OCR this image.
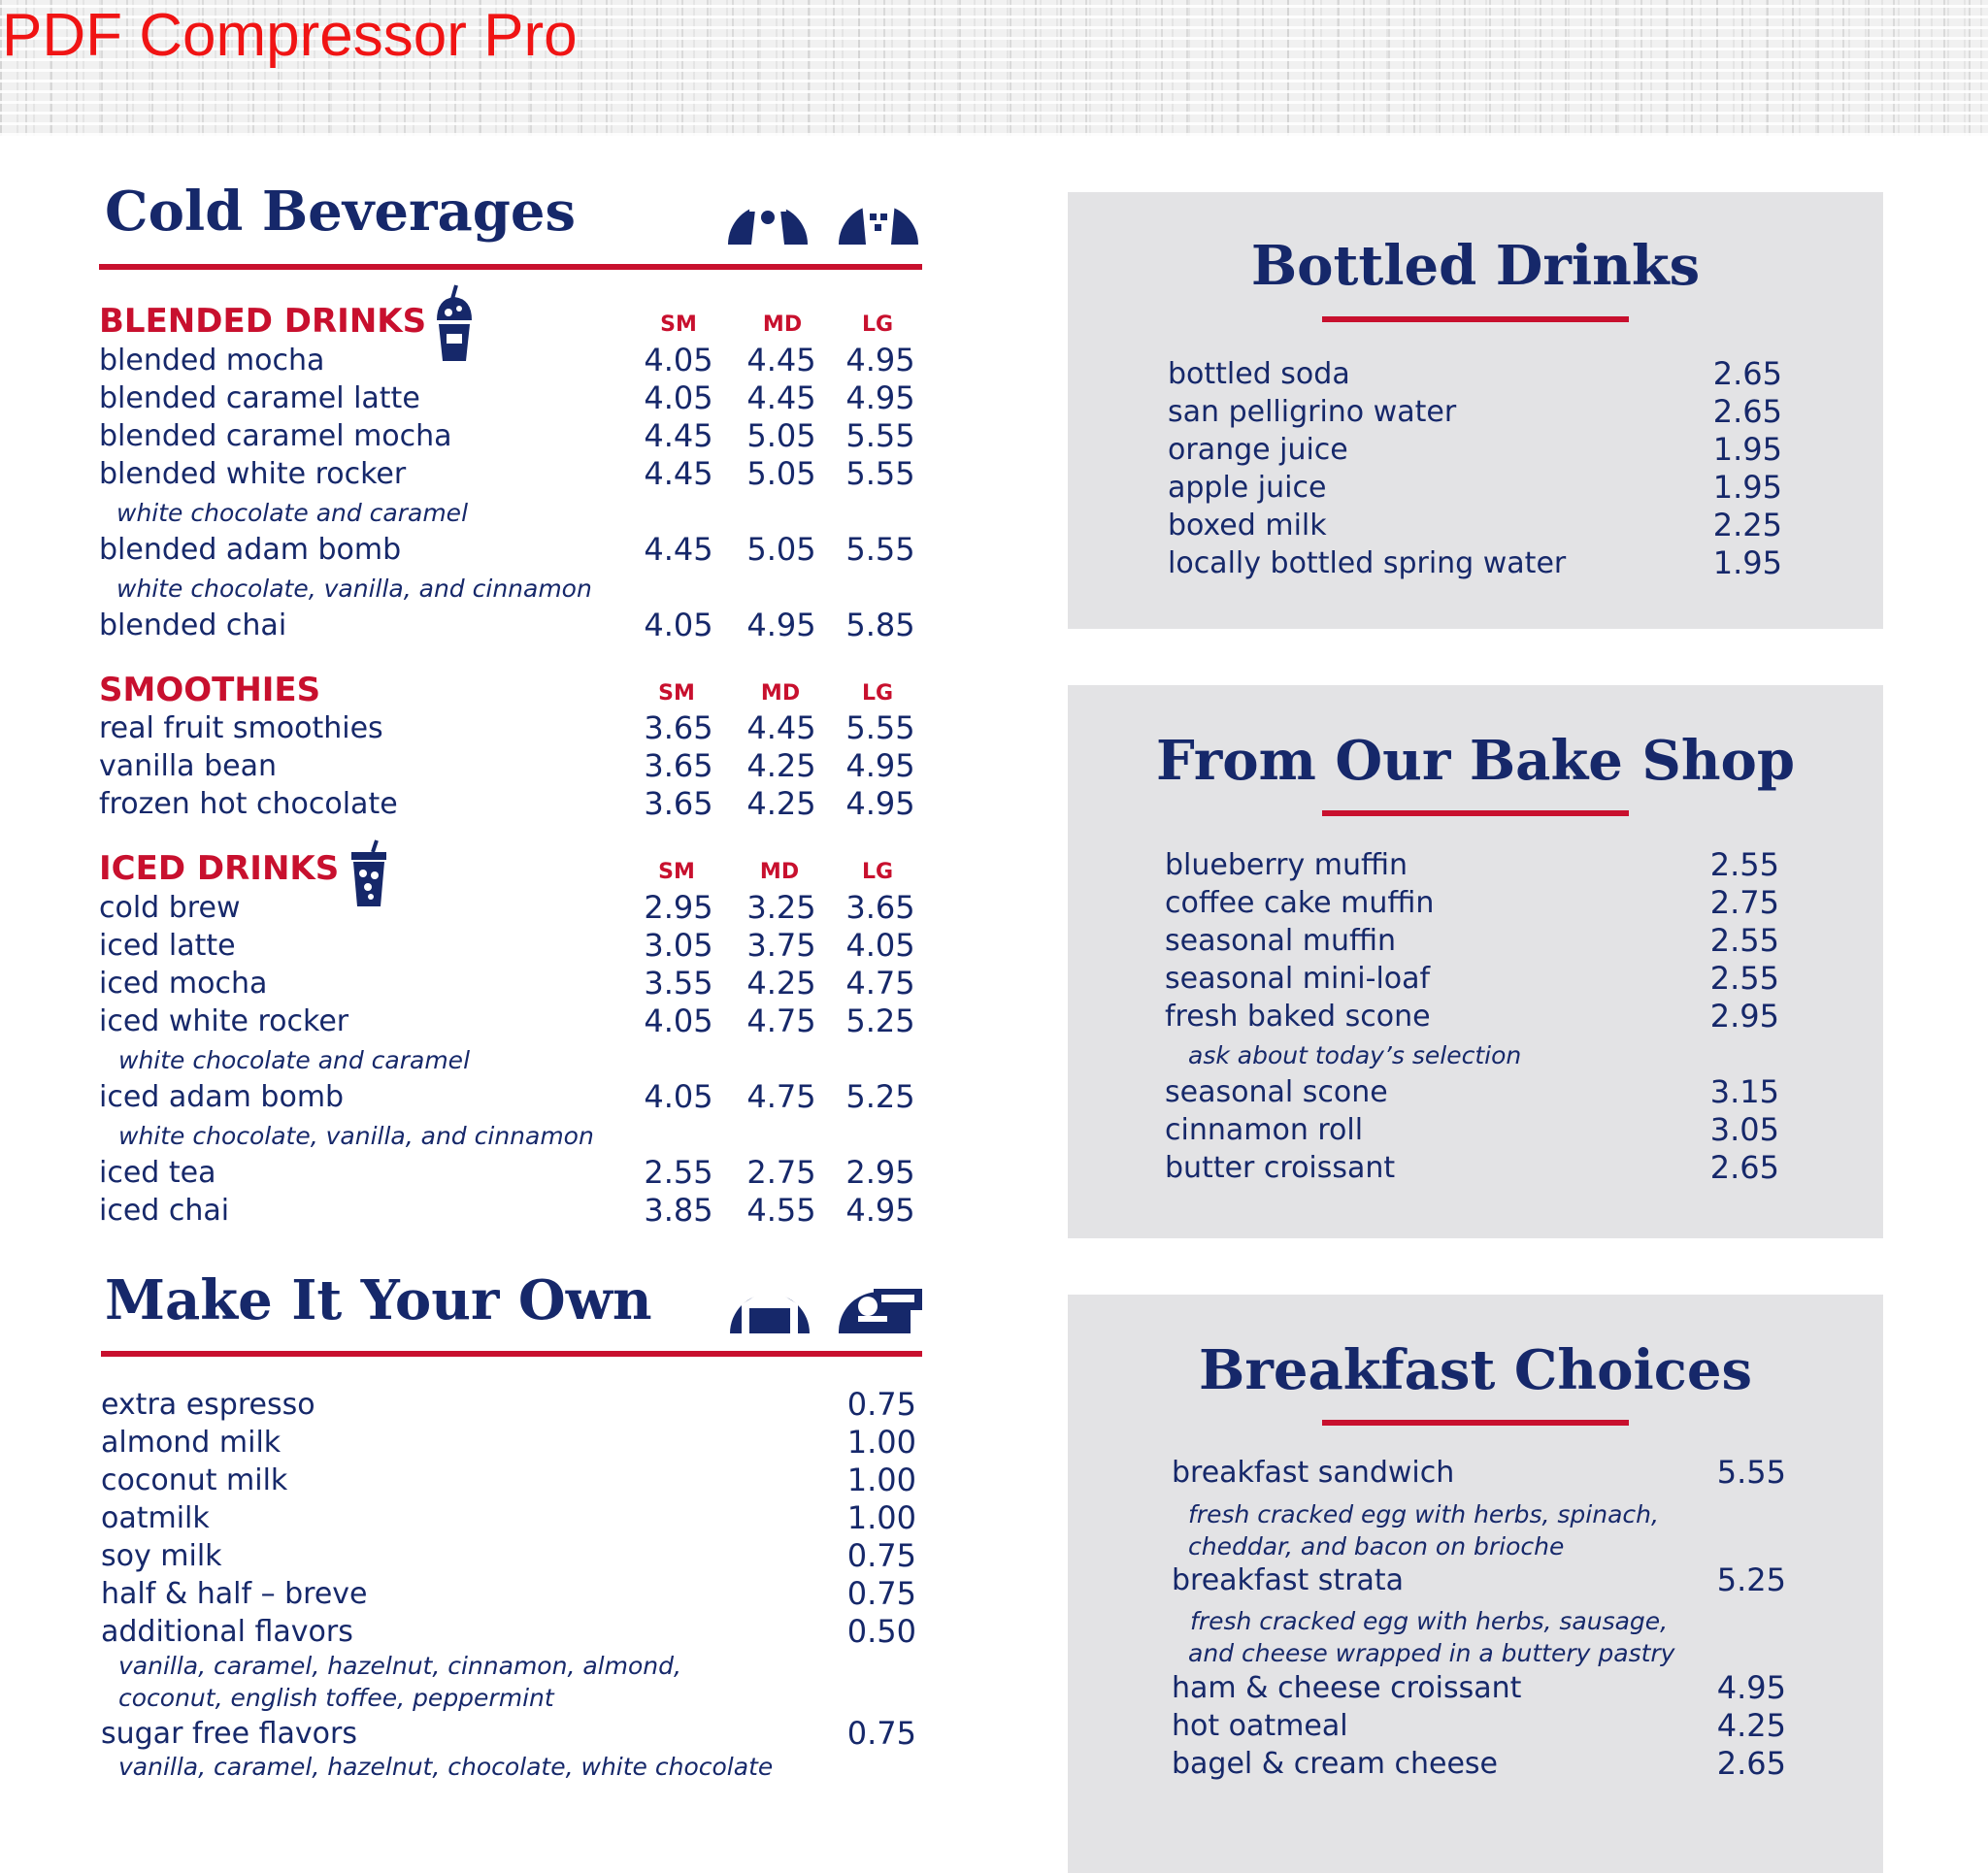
PDF Compressor Pro
Cold Beverages
BLENDED DRINKS	SM	MD	LG
blended mocha	4.05	4.45 4.95
blended caramel latte	4.05	4.45 4.95
blended caramel mocha	4.45	5.05 5.55
blended white rocker	4.45	5.05 5.55
white chocolate and caramel
blended adam bomb	4.45	5.05 5.55
white chocolate, vanilla, and cinnamon
blended chai	4.05	4.95 5.85
SMOOTHIES	SM	MD	LG
real fruit smoothies	3.65	4.45 5.55
vanilla bean	3.65	4.25 4.95
frozen hot chocolate	3.65	4.25 4.95
ICED DRINKS	SM	MD	LG
cold brew	2.95	3.25 3.65
iced latte	3.05	3.75 4.05
iced mocha	3.55	4.25 4.75
iced white rocker	4.05	4.75 5.25
white chocolate and caramel
iced adam bomb	4.05	4.75 5.25
white chocolate, vanilla, and cinnamon
iced tea	2.55	2.75 2.95
iced chai	3.85	4.55 4.95
Make It Your Own
extra espresso	0.75
almond milk	1.00
coconut milk	1.00
oatmilk	1.00
soy milk	0.75
half & half – breve	0.75
additional flavors	0.50
vanilla, caramel, hazelnut, cinnamon, almond,
coconut, english toffee, peppermint
sugar free flavors	0.75
vanilla, caramel, hazelnut, chocolate, white chocolate
Bottled Drinks
bottled soda	2.65
san pelligrino water	2.65
orange juice	1.95
apple juice	1.95
boxed milk	2.25
locally bottled spring water	1.95
From Our Bake Shop
blueberry muffin	2.55
coffee cake muffin	2.75
seasonal muffin	2.55
seasonal mini-loaf	2.55
fresh baked scone	2.95
ask about today’s selection
seasonal scone	3.15
cinnamon roll	3.05
butter croissant	2.65
Breakfast Choices
breakfast sandwich	5.55
fresh cracked egg with herbs, spinach,
cheddar, and bacon on brioche
breakfast strata	5.25
fresh cracked egg with herbs, sausage,
and cheese wrapped in a buttery pastry
ham & cheese croissant	4.95
hot oatmeal	4.25
bagel & cream cheese	2.65
